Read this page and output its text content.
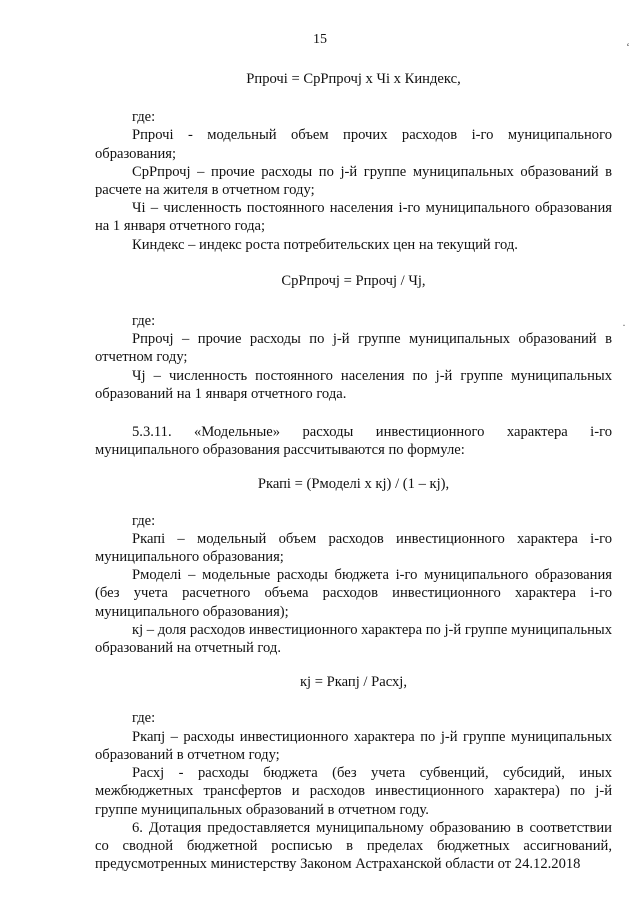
15

Рпрочі = СрРпрочј х Чі х Киндекс,

где:

Рпрочі - модельный объем прочих расходов і-го муниципального образования;

СрРпрочј – прочие расходы по ј-й группе муниципальных образований в расчете на жителя в отчетном году;

Чі – численность постоянного населения і-го муниципального образования на 1 января отчетного года;

Киндекс – индекс роста потребительских цен на текущий год.

СрРпрочј = Рпрочј / Чј,

где:

Рпрочј – прочие расходы по ј-й группе муниципальных образований в отчетном году;

Чј – численность постоянного населения по ј-й группе муниципальных образований на 1 января отчетного года.

5.3.11. «Модельные» расходы инвестиционного характера і-го муниципального образования рассчитываются по формуле:

Ркапі = (Рмоделі х кј) / (1 – кј),

где:

Ркапі – модельный объем расходов инвестиционного характера і-го муниципального образования;

Рмоделі – модельные расходы бюджета і-го муниципального образования (без учета расчетного объема расходов инвестиционного характера і-го муниципального образования);

кј – доля расходов инвестиционного характера по ј-й группе муниципальных образований на отчетный год.

кј = Ркапј / Расхј,

где:

Ркапј – расходы инвестиционного характера по ј-й группе муниципальных образований в отчетном году;

Расхј - расходы бюджета (без учета субвенций, субсидий, иных межбюджетных трансфертов и расходов инвестиционного характера) по ј-й группе муниципальных образований в отчетном году.

6. Дотация предоставляется муниципальному образованию в соответствии со сводной бюджетной росписью в пределах бюджетных ассигнований, предусмотренных министерству Законом Астраханской области от 24.12.2018

ʻ
·
